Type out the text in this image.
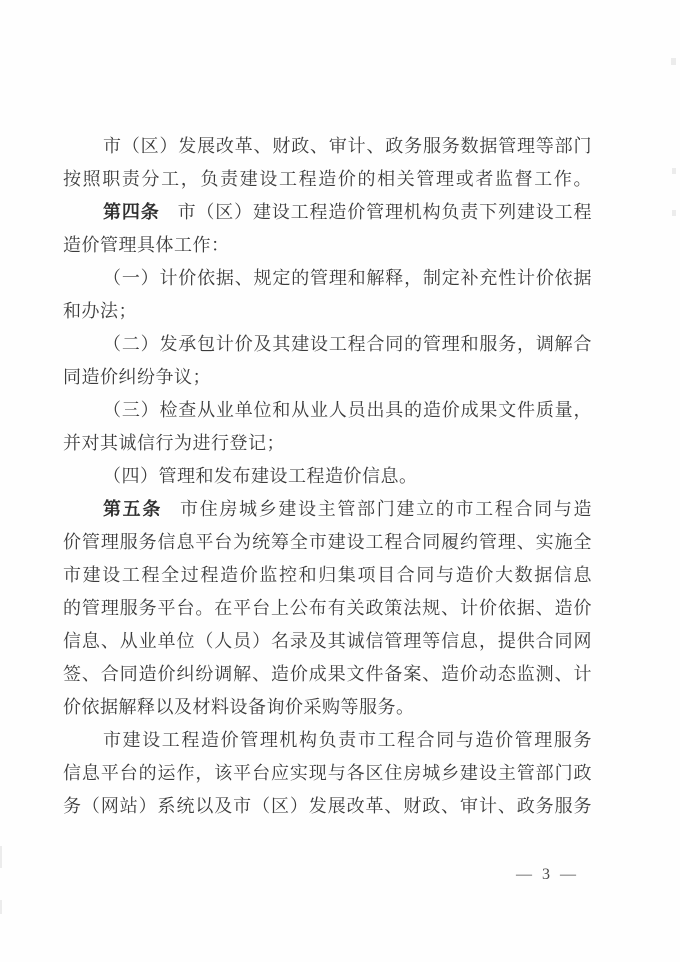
市（区）发展改革、财政、审计、政务服务数据管理等部门
按照职责分工，负责建设工程造价的相关管理或者监督工作。
第四条 市（区）建设工程造价管理机构负责下列建设工程
造价管理具体工作：
（一）计价依据、规定的管理和解释，制定补充性计价依据
和办法；
（二）发承包计价及其建设工程合同的管理和服务，调解合
同造价纠纷争议；
（三）检查从业单位和从业人员出具的造价成果文件质量，
并对其诚信行为进行登记；
（四）管理和发布建设工程造价信息。
第五条 市住房城乡建设主管部门建立的市工程合同与造
价管理服务信息平台为统筹全市建设工程合同履约管理、实施全
市建设工程全过程造价监控和归集项目合同与造价大数据信息
的管理服务平台。在平台上公布有关政策法规、计价依据、造价
信息、从业单位（人员）名录及其诚信管理等信息，提供合同网
签、合同造价纠纷调解、造价成果文件备案、造价动态监测、计
价依据解释以及材料设备询价采购等服务。
市建设工程造价管理机构负责市工程合同与造价管理服务
信息平台的运作，该平台应实现与各区住房城乡建设主管部门政
务（网站）系统以及市（区）发展改革、财政、审计、政务服务
— 3 —
